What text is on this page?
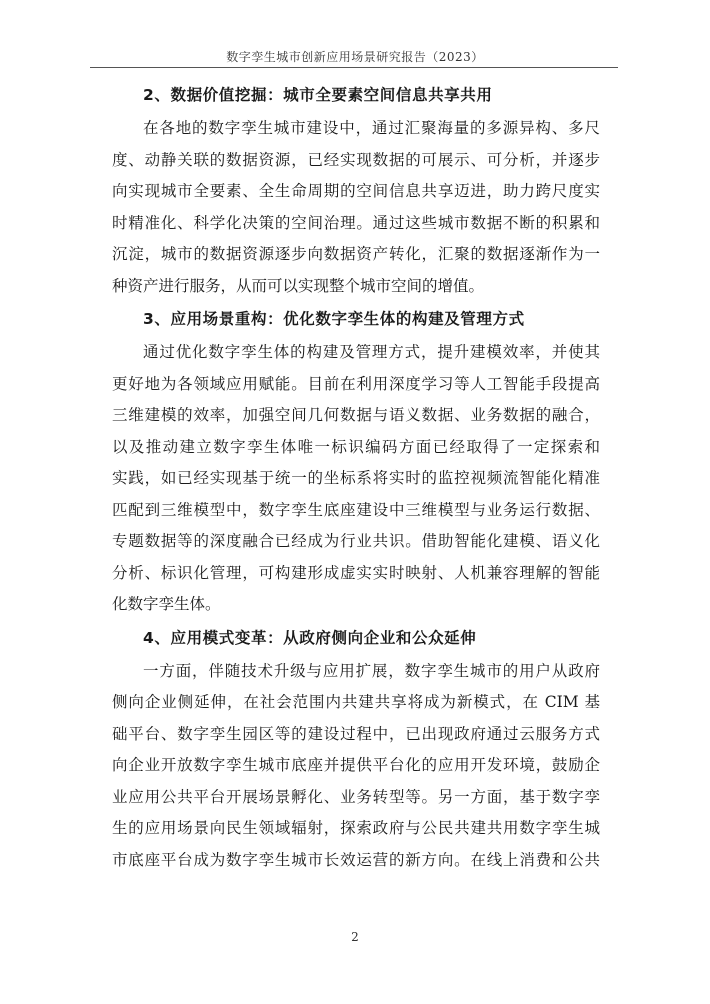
数字孪生城市创新应用场景研究报告（2023）
2、数据价值挖掘：城市全要素空间信息共享共用
在各地的数字孪生城市建设中，通过汇聚海量的多源异构、多尺
度、动静关联的数据资源，已经实现数据的可展示、可分析，并逐步
向实现城市全要素、全生命周期的空间信息共享迈进，助力跨尺度实
时精准化、科学化决策的空间治理。通过这些城市数据不断的积累和
沉淀，城市的数据资源逐步向数据资产转化，汇聚的数据逐渐作为一
种资产进行服务，从而可以实现整个城市空间的增值。
3、应用场景重构：优化数字孪生体的构建及管理方式
通过优化数字孪生体的构建及管理方式，提升建模效率，并使其
更好地为各领域应用赋能。目前在利用深度学习等人工智能手段提高
三维建模的效率，加强空间几何数据与语义数据、业务数据的融合，
以及推动建立数字孪生体唯一标识编码方面已经取得了一定探索和
实践，如已经实现基于统一的坐标系将实时的监控视频流智能化精准
匹配到三维模型中，数字孪生底座建设中三维模型与业务运行数据、
专题数据等的深度融合已经成为行业共识。借助智能化建模、语义化
分析、标识化管理，可构建形成虚实实时映射、人机兼容理解的智能
化数字孪生体。
4、应用模式变革：从政府侧向企业和公众延伸
一方面，伴随技术升级与应用扩展，数字孪生城市的用户从政府
侧向企业侧延伸，在社会范围内共建共享将成为新模式，在 CIM 基
础平台、数字孪生园区等的建设过程中，已出现政府通过云服务方式
向企业开放数字孪生城市底座并提供平台化的应用开发环境，鼓励企
业应用公共平台开展场景孵化、业务转型等。另一方面，基于数字孪
生的应用场景向民生领域辐射，探索政府与公民共建共用数字孪生城
市底座平台成为数字孪生城市长效运营的新方向。在线上消费和公共
2
